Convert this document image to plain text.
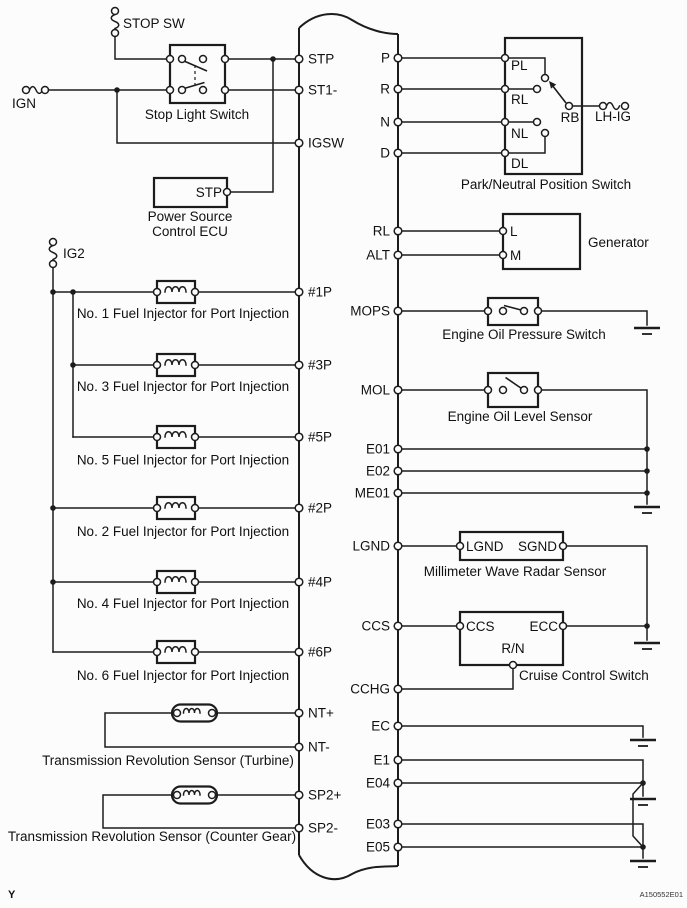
STOP SW
IGN
IG2
LH-IG
STP
ST1-
IGSW
#1P
#3P
#5P
#2P
#4P
#6P
NT+
NT-
SP2+
SP2-
P
R
N
D
RL
ALT
MOPS
MOL
E01
E02
ME01
LGND
CCS
CCHG
EC
E1
E04
E03
E05
Stop Light Switch
STP
Power Source
Control ECU
PL
RL
NL
DL
RB
Park/Neutral Position Switch
L
M
Generator
Engine Oil Pressure Switch
Engine Oil Level Sensor
LGND SGND
Millimeter Wave Radar Sensor
CCS	ECC
R/N
Cruise Control Switch
No. 1 Fuel Injector for Port Injection
No. 3 Fuel Injector for Port Injection
No. 5 Fuel Injector for Port Injection
No. 2 Fuel Injector for Port Injection
No. 4 Fuel Injector for Port Injection
No. 6 Fuel Injector for Port Injection
Transmission Revolution Sensor (Turbine)
Transmission Revolution Sensor (Counter Gear)
Y	A150552E01
